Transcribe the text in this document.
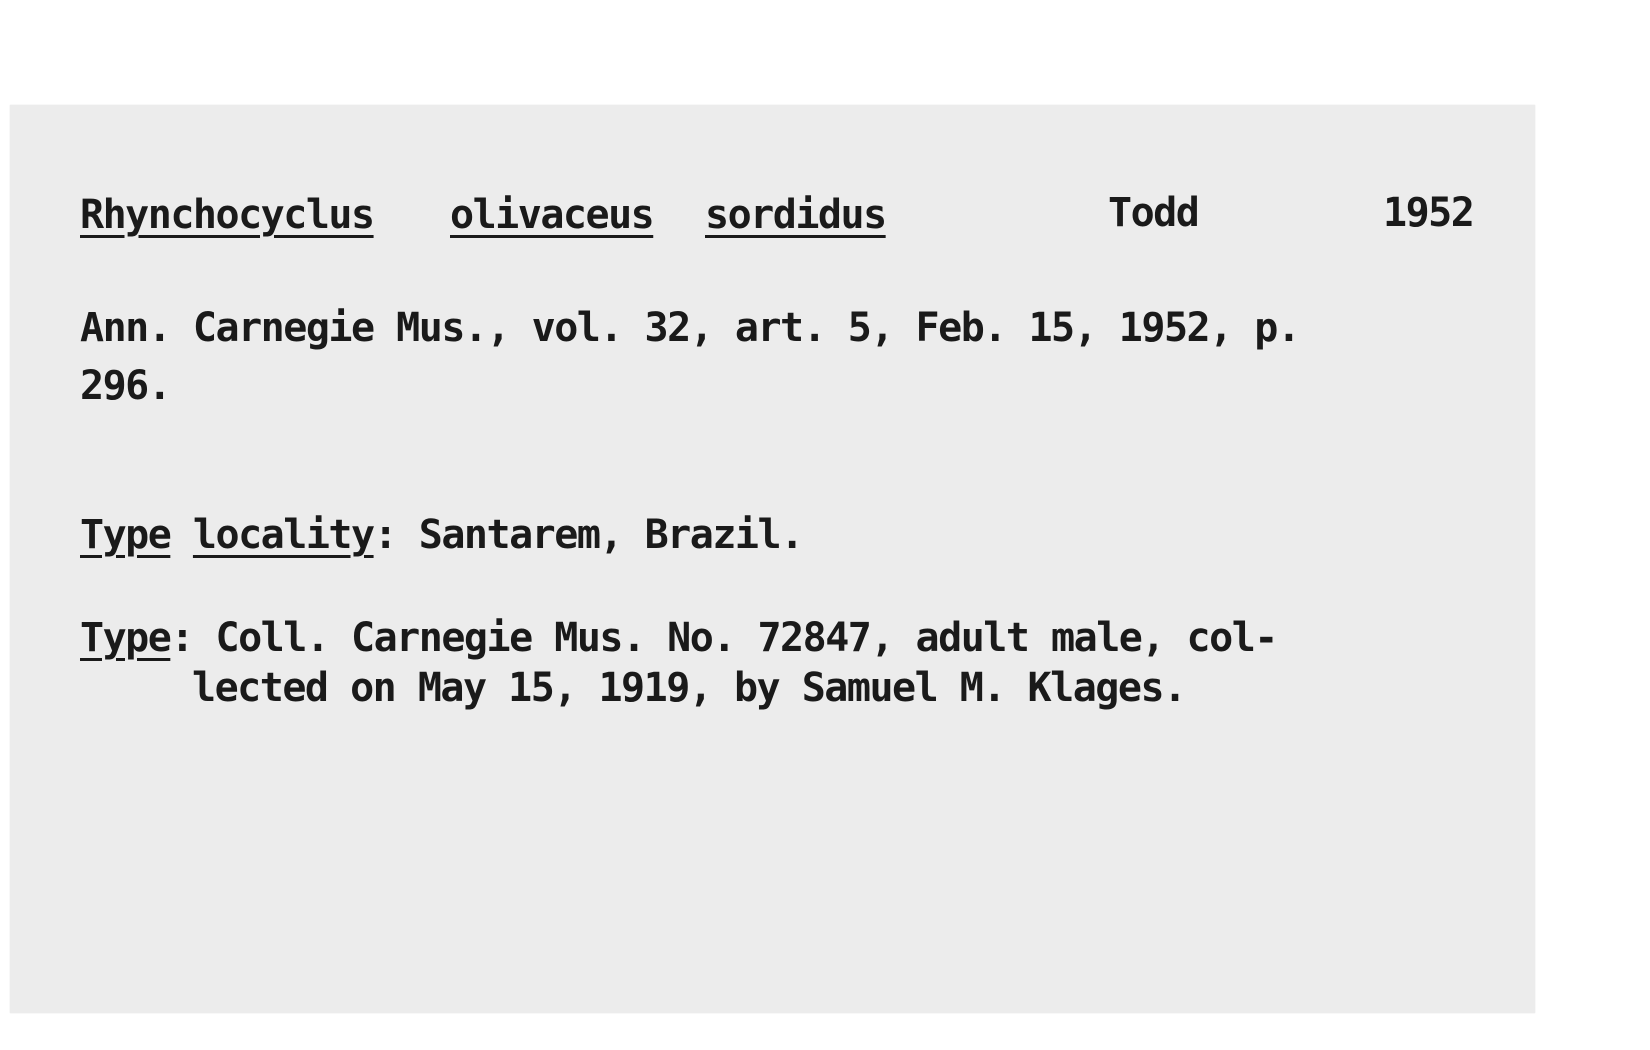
Rhynchocyclus olivaceus sordidus	Todd	1952
Ann. Carnegie Mus., vol. 32, art. 5, Feb. 15, 1952, p.
296.
Type locality: Santarem, Brazil.
Type: Coll. Carnegie Mus. No. 72847, adult male, col-
lected on May 15, 1919, by Samuel M. Klages.
